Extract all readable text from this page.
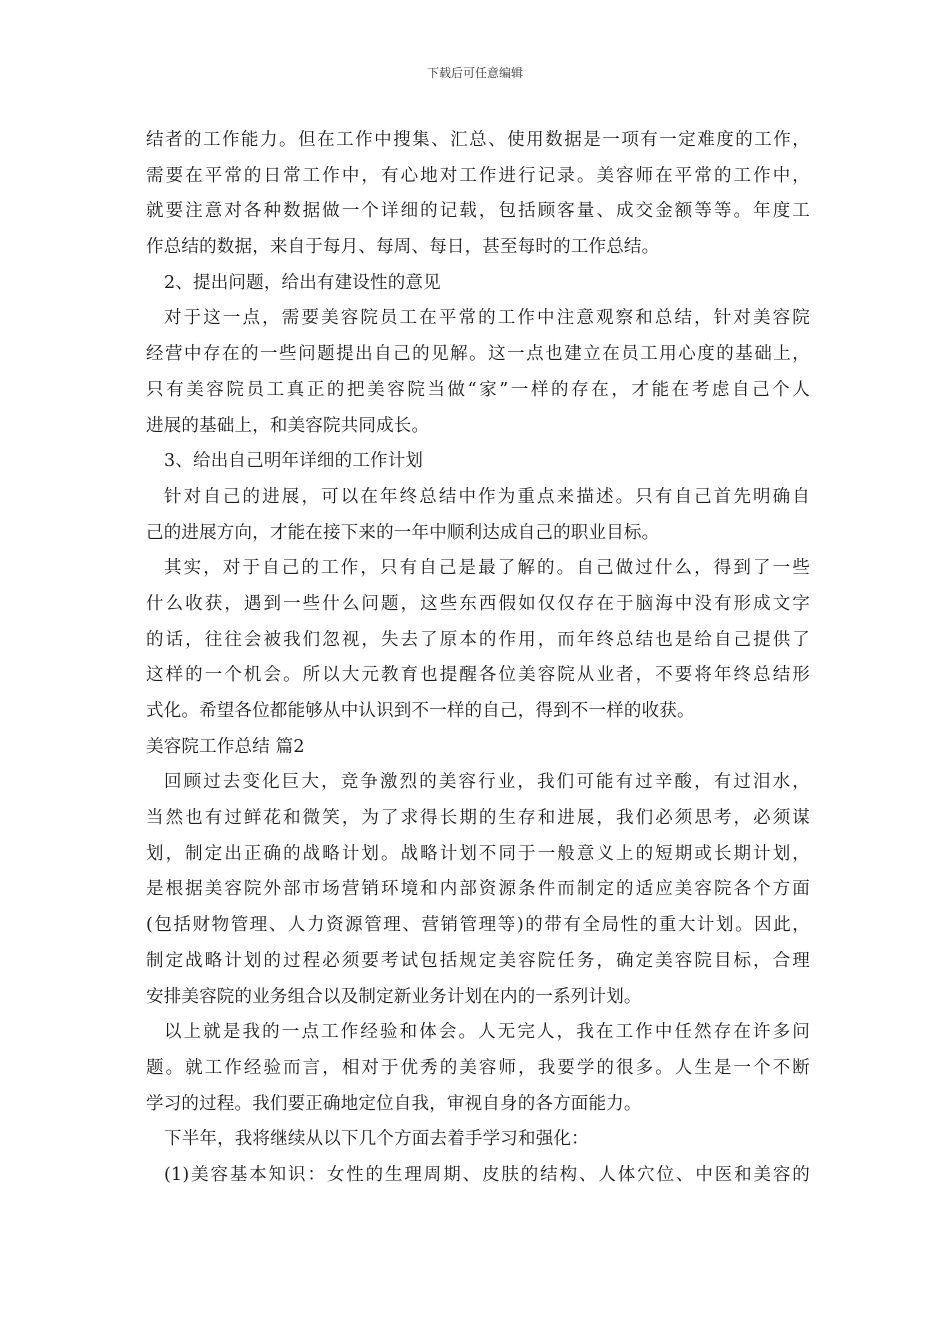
下载后可任意编辑
结者的工作能力。但在工作中搜集、汇总、使用数据是一项有一定难度的工作，
需要在平常的日常工作中，有心地对工作进行记录。美容师在平常的工作中，
就要注意对各种数据做一个详细的记载，包括顾客量、成交金额等等。年度工
作总结的数据，来自于每月、每周、每日，甚至每时的工作总结。
2、提出问题，给出有建设性的意见
对于这一点，需要美容院员工在平常的工作中注意观察和总结，针对美容院
经营中存在的一些问题提出自己的见解。这一点也建立在员工用心度的基础上，
只有美容院员工真正的把美容院当做“家”一样的存在，才能在考虑自己个人
进展的基础上，和美容院共同成长。
3、给出自己明年详细的工作计划
针对自己的进展，可以在年终总结中作为重点来描述。只有自己首先明确自
己的进展方向，才能在接下来的一年中顺利达成自己的职业目标。
其实，对于自己的工作，只有自己是最了解的。自己做过什么，得到了一些
什么收获，遇到一些什么问题，这些东西假如仅仅存在于脑海中没有形成文字
的话，往往会被我们忽视，失去了原本的作用，而年终总结也是给自己提供了
这样的一个机会。所以大元教育也提醒各位美容院从业者，不要将年终总结形
式化。希望各位都能够从中认识到不一样的自己，得到不一样的收获。
美容院工作总结 篇2
回顾过去变化巨大，竞争激烈的美容行业，我们可能有过辛酸，有过泪水，
当然也有过鲜花和微笑，为了求得长期的生存和进展，我们必须思考，必须谋
划，制定出正确的战略计划。战略计划不同于一般意义上的短期或长期计划，
是根据美容院外部市场营销环境和内部资源条件而制定的适应美容院各个方面
(包括财物管理、人力资源管理、营销管理等)的带有全局性的重大计划。因此，
制定战略计划的过程必须要考试包括规定美容院任务，确定美容院目标，合理
安排美容院的业务组合以及制定新业务计划在内的一系列计划。
以上就是我的一点工作经验和体会。人无完人，我在工作中任然存在许多问
题。就工作经验而言，相对于优秀的美容师，我要学的很多。人生是一个不断
学习的过程。我们要正确地定位自我，审视自身的各方面能力。
下半年，我将继续从以下几个方面去着手学习和强化：
(1)美容基本知识：女性的生理周期、皮肤的结构、人体穴位、中医和美容的
